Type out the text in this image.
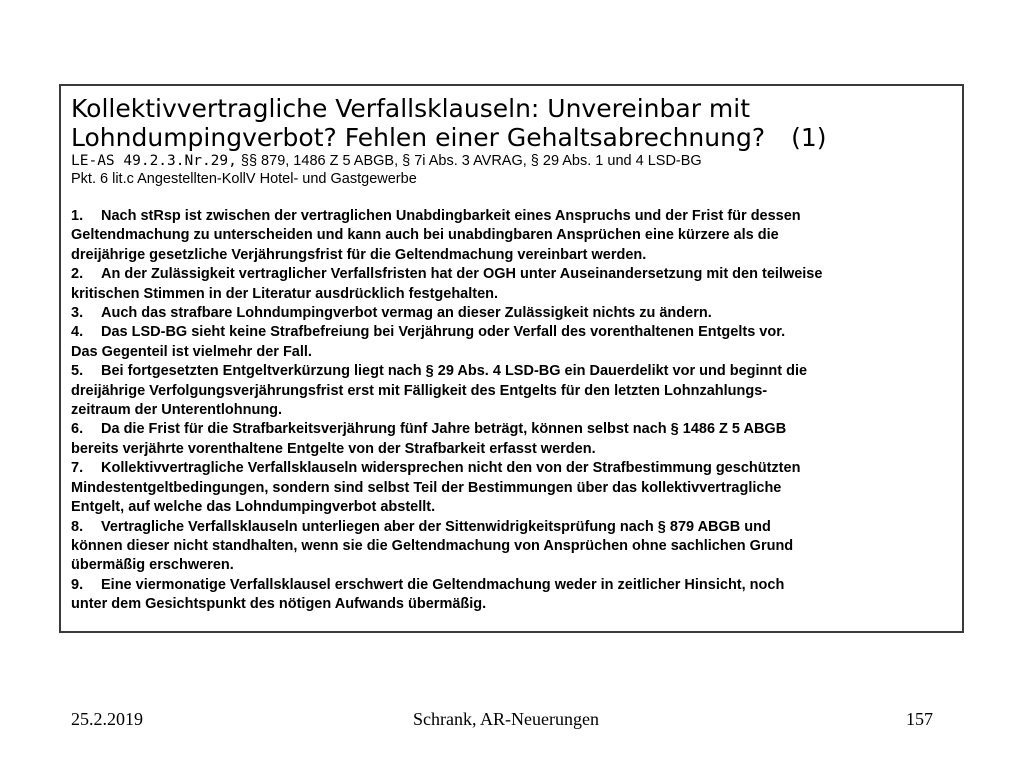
Kollektivvertragliche Verfallsklauseln: Unvereinbar mit
Lohndumpingverbot? Fehlen einer Gehaltsabrechnung? (1)
LE-AS 49.2.3.Nr.29, §§ 879, 1486 Z 5 ABGB, § 7i Abs. 3 AVRAG, § 29 Abs. 1 und 4 LSD-BG
Pkt. 6 lit.c Angestellten-KollV Hotel- und Gastgewerbe
1. Nach stRsp ist zwischen der vertraglichen Unabdingbarkeit eines Anspruchs und der Frist für dessen
Geltendmachung zu unterscheiden und kann auch bei unabdingbaren Ansprüchen eine kürzere als die
dreijährige gesetzliche Verjährungsfrist für die Geltendmachung vereinbart werden.
2. An der Zulässigkeit vertraglicher Verfallsfristen hat der OGH unter Auseinandersetzung mit den teilweise
kritischen Stimmen in der Literatur ausdrücklich festgehalten.
3. Auch das strafbare Lohndumpingverbot vermag an dieser Zulässigkeit nichts zu ändern.
4. Das LSD-BG sieht keine Strafbefreiung bei Verjährung oder Verfall des vorenthaltenen Entgelts vor.
Das Gegenteil ist vielmehr der Fall.
5. Bei fortgesetzten Entgeltverkürzung liegt nach § 29 Abs. 4 LSD-BG ein Dauerdelikt vor und beginnt die
dreijährige Verfolgungsverjährungsfrist erst mit Fälligkeit des Entgelts für den letzten Lohnzahlungs-
zeitraum der Unterentlohnung.
6. Da die Frist für die Strafbarkeitsverjährung fünf Jahre beträgt, können selbst nach § 1486 Z 5 ABGB
bereits verjährte vorenthaltene Entgelte von der Strafbarkeit erfasst werden.
7. Kollektivvertragliche Verfallsklauseln widersprechen nicht den von der Strafbestimmung geschützten
Mindestentgeltbedingungen, sondern sind selbst Teil der Bestimmungen über das kollektivvertragliche
Entgelt, auf welche das Lohndumpingverbot abstellt.
8. Vertragliche Verfallsklauseln unterliegen aber der Sittenwidrigkeitsprüfung nach § 879 ABGB und
können dieser nicht standhalten, wenn sie die Geltendmachung von Ansprüchen ohne sachlichen Grund
übermäßig erschweren.
9. Eine viermonatige Verfallsklausel erschwert die Geltendmachung weder in zeitlicher Hinsicht, noch
unter dem Gesichtspunkt des nötigen Aufwands übermäßig.
25.2.2019	Schrank, AR-Neuerungen	157
